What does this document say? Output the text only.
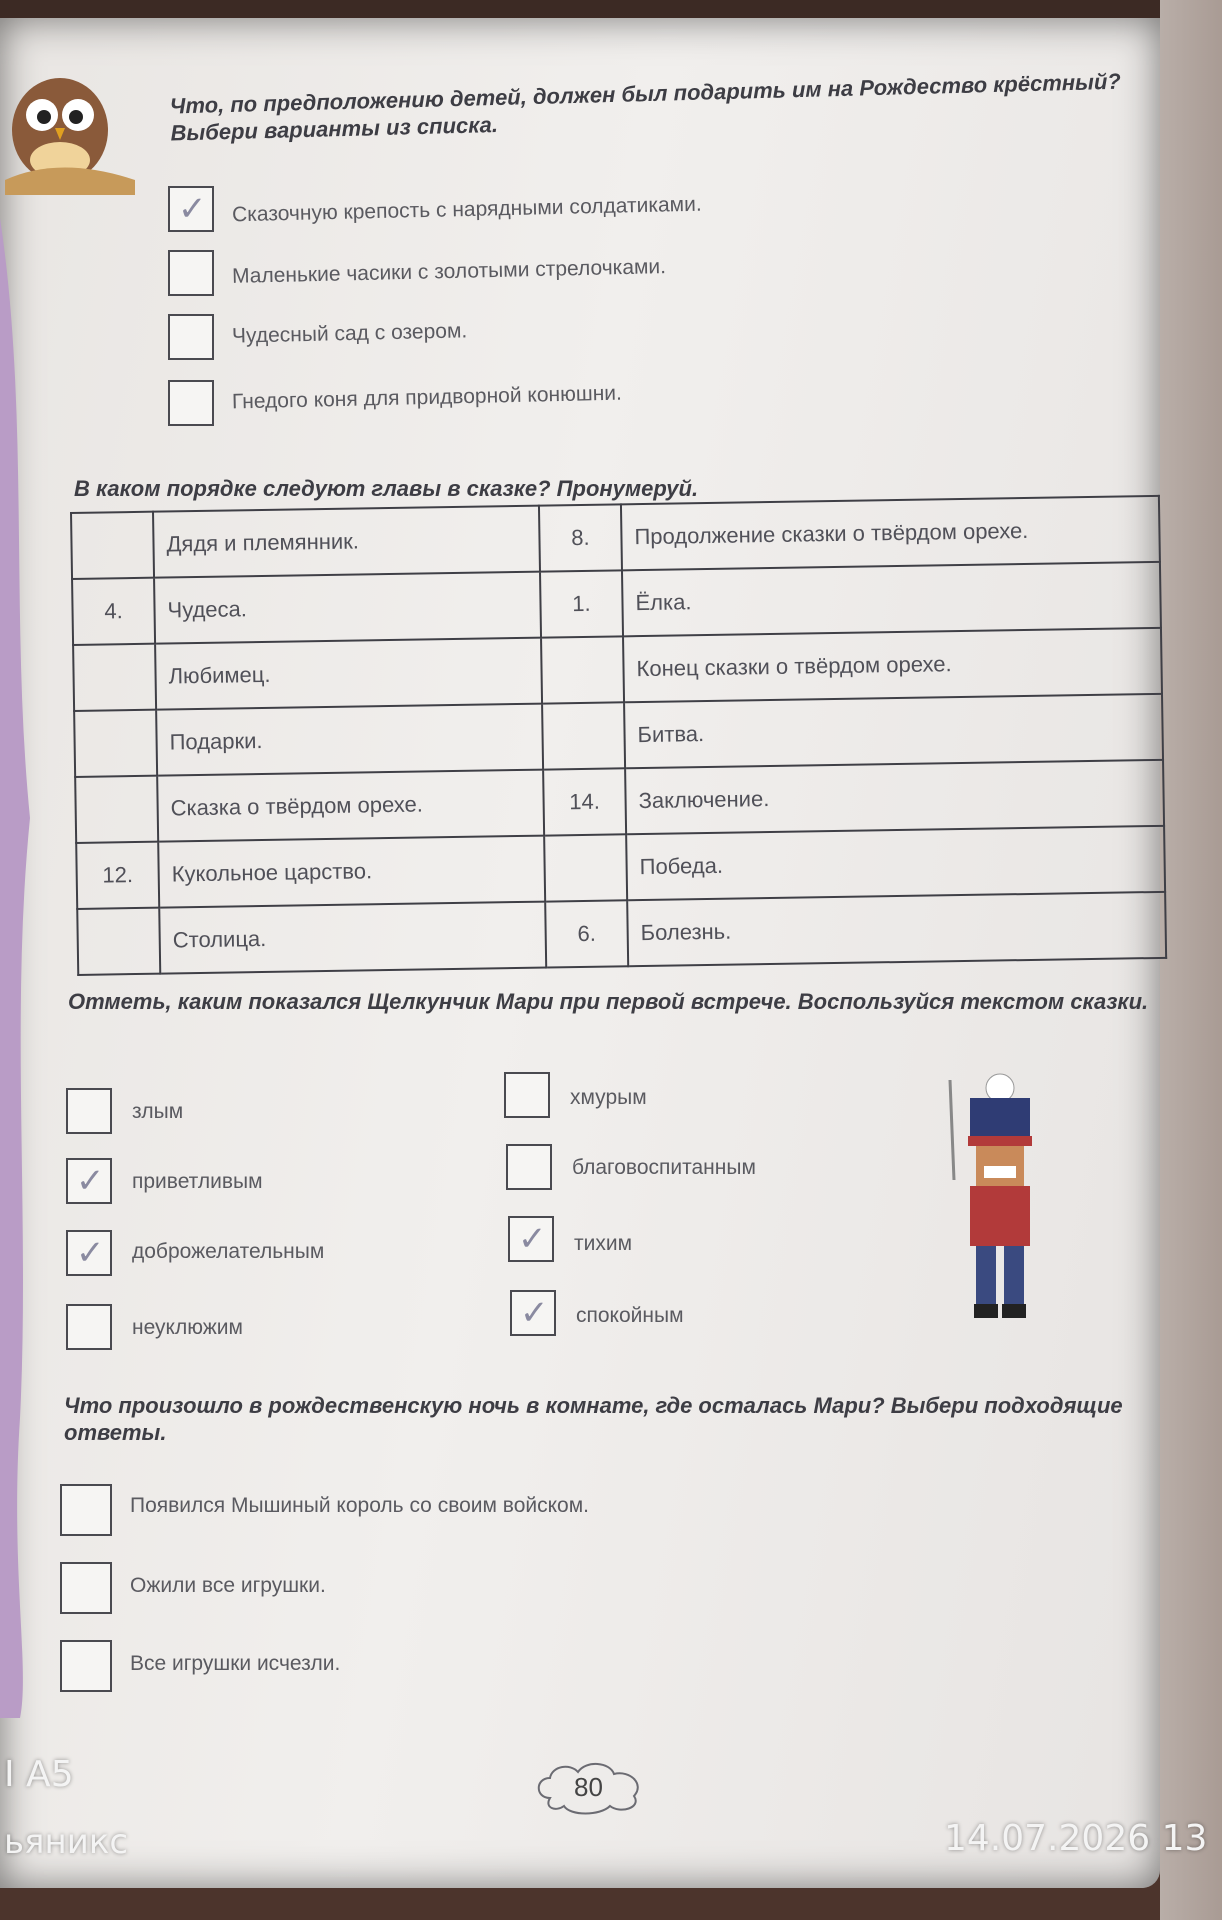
Что, по предположению детей, должен был подарить им на Рождество крёстный? Выбери варианты из списка.
✓ Сказочную крепость с нарядными солдатиками.
Маленькие часики с золотыми стрелочками.
Чудесный сад с озером.
Гнедого коня для придворной конюшни.
В каком порядке следуют главы в сказке? Пронумеруй.
	Дядя и племянник.	8.	Продолжение сказки о твёрдом орехе.
4.	Чудеса.	1.	Ёлка.
	Любимец.		Конец сказки о твёрдом орехе.
	Подарки.		Битва.
	Сказка о твёрдом орехе.	14.	Заключение.
12.	Кукольное царство.		Победа.
	Столица.	6.	Болезнь.
Отметь, каким показался Щелкунчик Мари при первой встрече. Воспользуйся текстом сказки.
злым
✓ приветливым
✓ доброжелательным
неуклюжим
хмурым
благовоспитанным
✓ тихим
✓ спокойным
Что произошло в рождественскую ночь в комнате, где осталась Мари? Выбери подходящие ответы.
Появился Мышиный король со своим войском.
Ожили все игрушки.
Все игрушки исчезли.
80
I A5
ьяникс	14.07.2026 13
